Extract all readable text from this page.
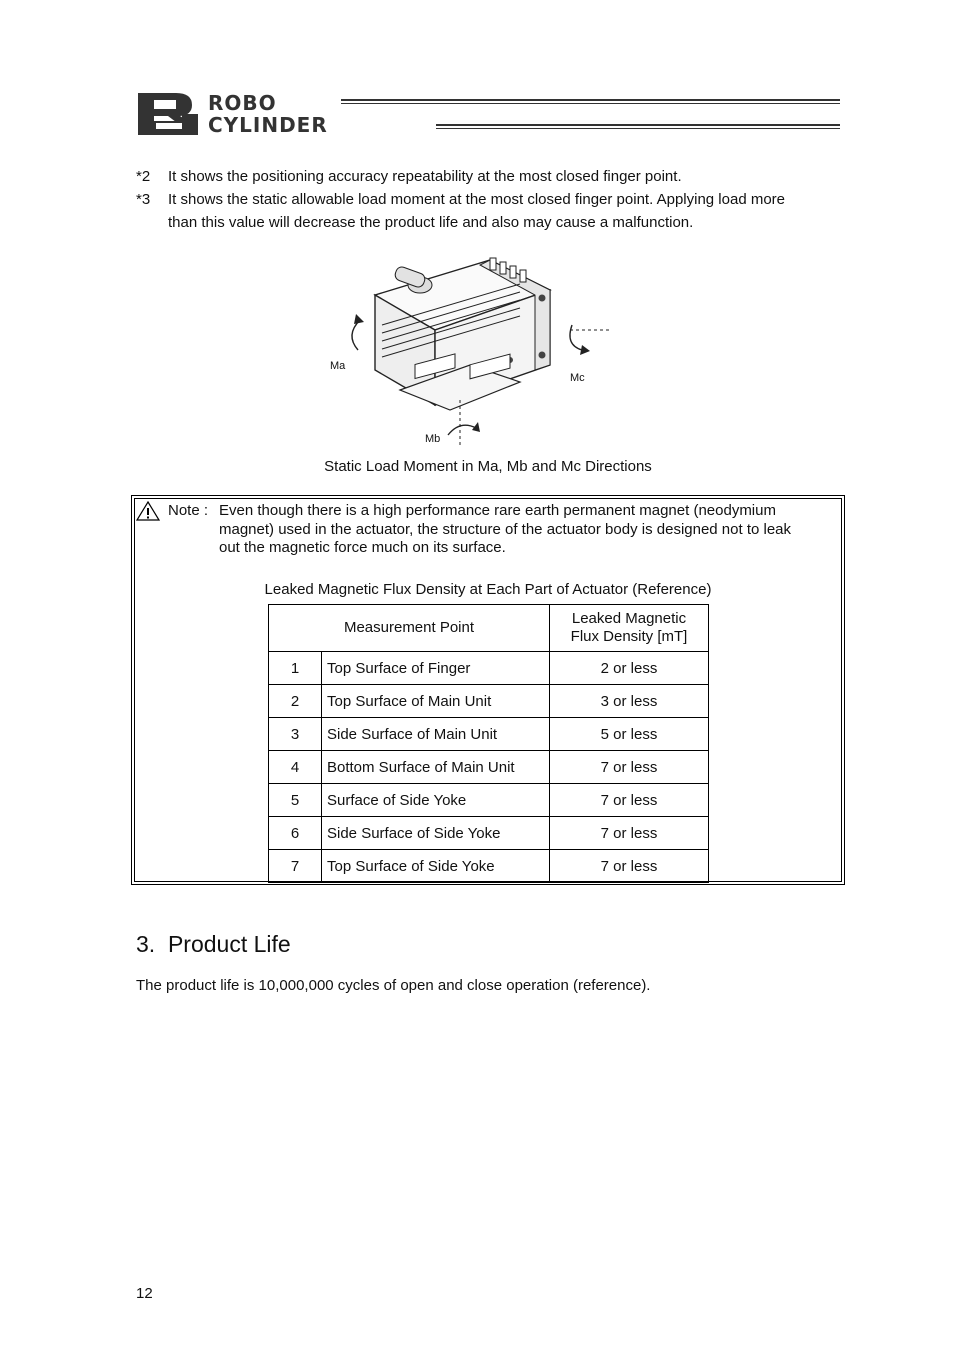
ROBO
CYLINDER
*2	It shows the positioning accuracy repeatability at the most closed finger point.
*3	It shows the static allowable load moment at the most closed finger point. Applying load more
than this value will decrease the product life and also may cause a malfunction.
Ma
Mb
Mc
Static Load Moment in Ma, Mb and Mc Directions
Note : Even though there is a high performance rare earth permanent magnet (neodymium
magnet) used in the actuator, the structure of the actuator body is designed not to leak
out the magnetic force much on its surface.
Leaked Magnetic Flux Density at Each Part of Actuator (Reference)
Measurement Point		Leaked Magnetic
Flux Density [mT]

1	Top Surface of Finger	2 or less
2	Top Surface of Main Unit	3 or less
3	Side Surface of Main Unit	5 or less
4	Bottom Surface of Main Unit	7 or less
5	Surface of Side Yoke	7 or less
6	Side Surface of Side Yoke	7 or less
7	Top Surface of Side Yoke	7 or less
3.  Product Life
The product life is 10,000,000 cycles of open and close operation (reference).
12
